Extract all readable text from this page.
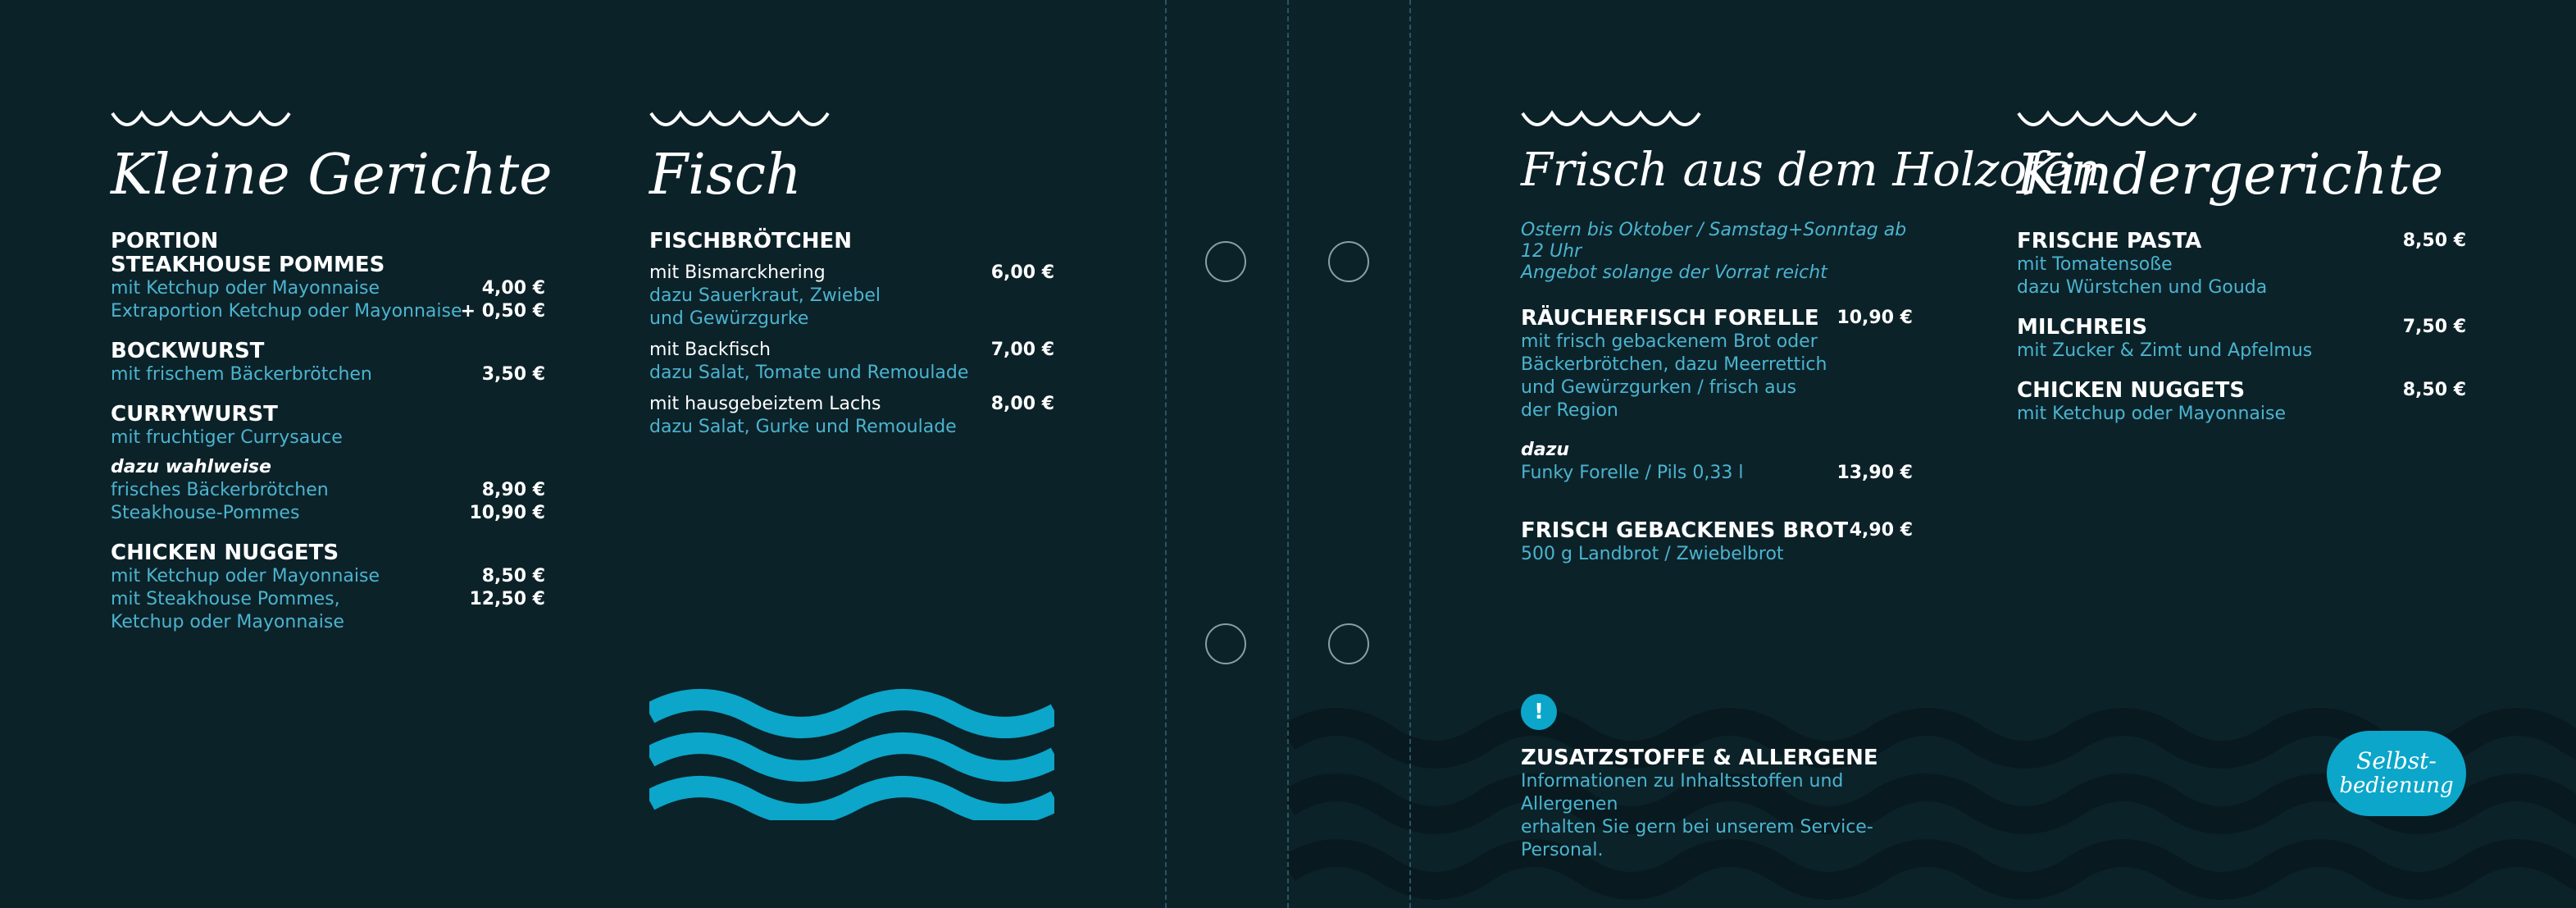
Kleine Gerichte
PORTION
STEAKHOUSE POMMES
mit Ketchup oder Mayonnaise	4,00 €
Extraportion Ketchup oder Mayonnaise
+ 0,50 €
BOCKWURST
mit frischem Bäckerbrötchen	3,50 €
CURRYWURST
mit fruchtiger Currysauce
dazu wahlweise
frisches Bäckerbrötchen	8,90 €
Steakhouse-Pommes	10,90 €
CHICKEN NUGGETS
mit Ketchup oder Mayonnaise	8,50 €
mit Steakhouse Pommes,	12,50 €
Ketchup oder Mayonnaise
Fisch
FISCHBRÖTCHEN
mit Bismarckhering	6,00 €
dazu Sauerkraut, Zwiebel
und Gewürzgurke
mit Backfisch	7,00 €
dazu Salat, Tomate und Remoulade
mit hausgebeiztem Lachs	8,00 €
dazu Salat, Gurke und Remoulade
Frisch aus dem Holzofen
Ostern bis Oktober / Samstag+Sonntag ab 12 Uhr
Angebot solange der Vorrat reicht
RÄUCHERFISCH FORELLE 10,90 €
mit frisch gebackenem Brot oder
Bäckerbrötchen, dazu Meerrettich
und Gewürzgurken / frisch aus
der Region
dazu
Funky Forelle / Pils 0,33 l	13,90 €
FRISCH GEBACKENES BROT 4,90 €
500 g Landbrot / Zwiebelbrot
!
ZUSATZSTOFFE & ALLERGENE
Informationen zu Inhaltsstoffen und Allergenen
erhalten Sie gern bei unserem Service-Personal.
Kindergerichte
FRISCHE PASTA	8,50 €
mit Tomatensoße
dazu Würstchen und Gouda
MILCHREIS	7,50 €
mit Zucker & Zimt und Apfelmus
CHICKEN NUGGETS	8,50 €
mit Ketchup oder Mayonnaise
Selbst-
bedienung
